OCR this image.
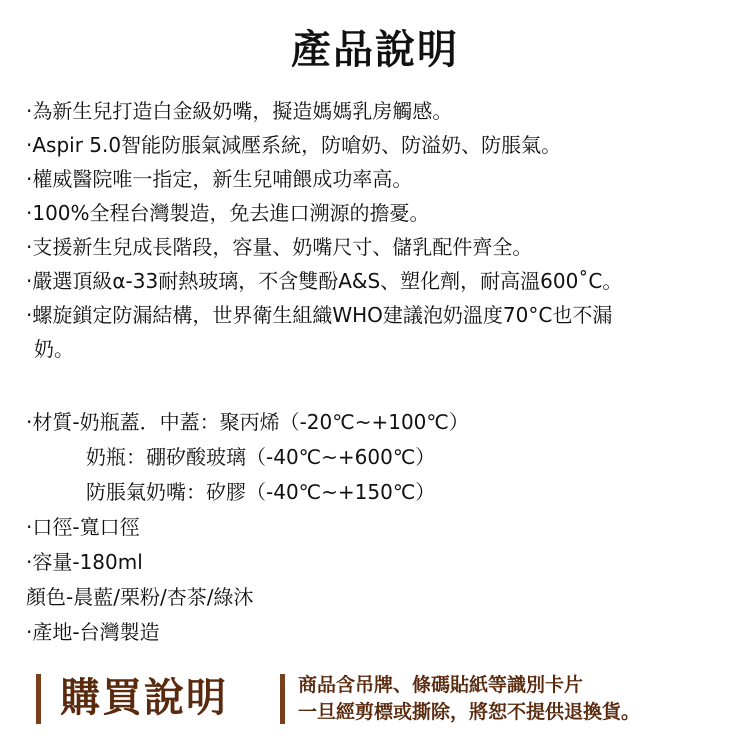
產品說明
·為新生兒打造白金級奶嘴，擬造媽媽乳房觸感。
·Aspir 5.0智能防脹氣減壓系統，防嗆奶、防溢奶、防脹氣。
·權威醫院唯一指定，新生兒哺餵成功率高。
·100%全程台灣製造，免去進口溯源的擔憂。
·支援新生兒成長階段，容量、奶嘴尺寸、儲乳配件齊全。
·嚴選頂級α-33耐熱玻璃，不含雙酚A&S、塑化劑，耐高溫600˚C。
·螺旋鎖定防漏結構，世界衛生組織WHO建議泡奶溫度70°C也不漏
奶。
·材質-奶瓶蓋．中蓋：聚丙烯（-20℃~+100℃）
奶瓶：硼矽酸玻璃（-40℃~+600℃）
防脹氣奶嘴：矽膠（-40℃~+150℃）
·口徑-寬口徑
·容量-180ml
顏色-晨藍/栗粉/杏茶/綠沐
·產地-台灣製造
購買說明	商品含吊牌、條碼貼紙等識別卡片
一旦經剪標或撕除，將恕不提供退換貨。
